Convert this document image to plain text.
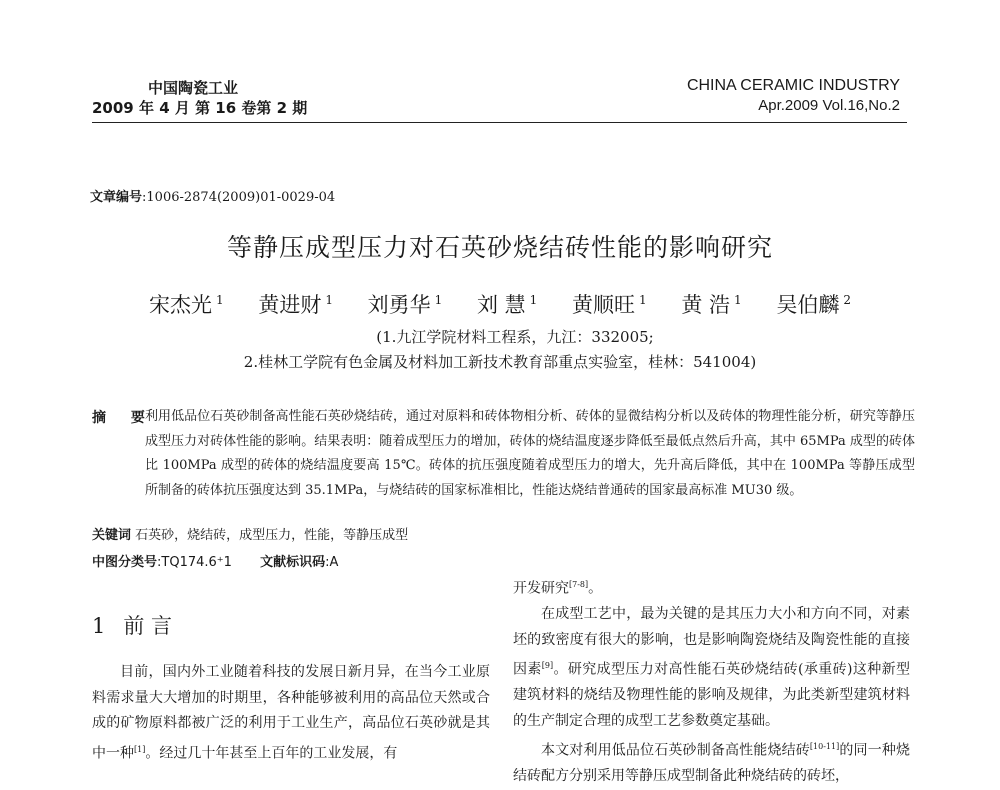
中国陶瓷工业
2009 年 4 月 第 16 卷第 2 期
CHINA CERAMIC INDUSTRY
Apr.2009 Vol.16,No.2
文章编号:1006-2874(2009)01-0029-04
等静压成型压力对石英砂烧结砖性能的影响研究
宋杰光 $^1$ 黄进财 $^1$ 刘勇华 $^1$ 刘 慧 $^1$ 黄顺旺 $^1$ 黄 浩 $^1$ 吴伯麟 $^2$
(1.九江学院材料工程系，九江：332005;
2.桂林工学院有色金属及材料加工新技术教育部重点实验室，桂林：541004)
摘 要
利用低品位石英砂制备高性能石英砂烧结砖，通过对原料和砖体物相分析、砖体的显微结构分析以及砖体的物理性能分析，研究等静压成型压力对砖体性能的影响。结果表明：随着成型压力的增加，砖体的烧结温度逐步降低至最低点然后升高，其中 65MPa 成型的砖体比 100MPa 成型的砖体的烧结温度要高 15℃。砖体的抗压强度随着成型压力的增大，先升高后降低，其中在 100MPa 等静压成型所制备的砖体抗压强度达到 35.1MPa，与烧结砖的国家标准相比，性能达烧结普通砖的国家最高标准 MU30 级。
关键词 石英砂，烧结砖，成型压力，性能，等静压成型
中图分类号:TQ174.6⁺1 文献标识码:A
1 前 言

目前，国内外工业随着科技的发展日新月异，在当今工业原料需求量大大增加的时期里，各种能够被利用的高品位天然或合成的矿物原料都被广泛的利用于工业生产，高品位石英砂就是其中一种[1]。经过几十年甚至上百年的工业发展，有

开发研究[7-8]。

在成型工艺中，最为关键的是其压力大小和方向不同，对素坯的致密度有很大的影响，也是影响陶瓷烧结及陶瓷性能的直接因素[9]。研究成型压力对高性能石英砂烧结砖(承重砖)这种新型建筑材料的烧结及物理性能的影响及规律，为此类新型建筑材料的生产制定合理的成型工艺参数奠定基础。

本文对利用低品位石英砂制备高性能烧结砖[10-11]的同一种烧结砖配方分别采用等静压成型制备此种烧结砖的砖坯，
